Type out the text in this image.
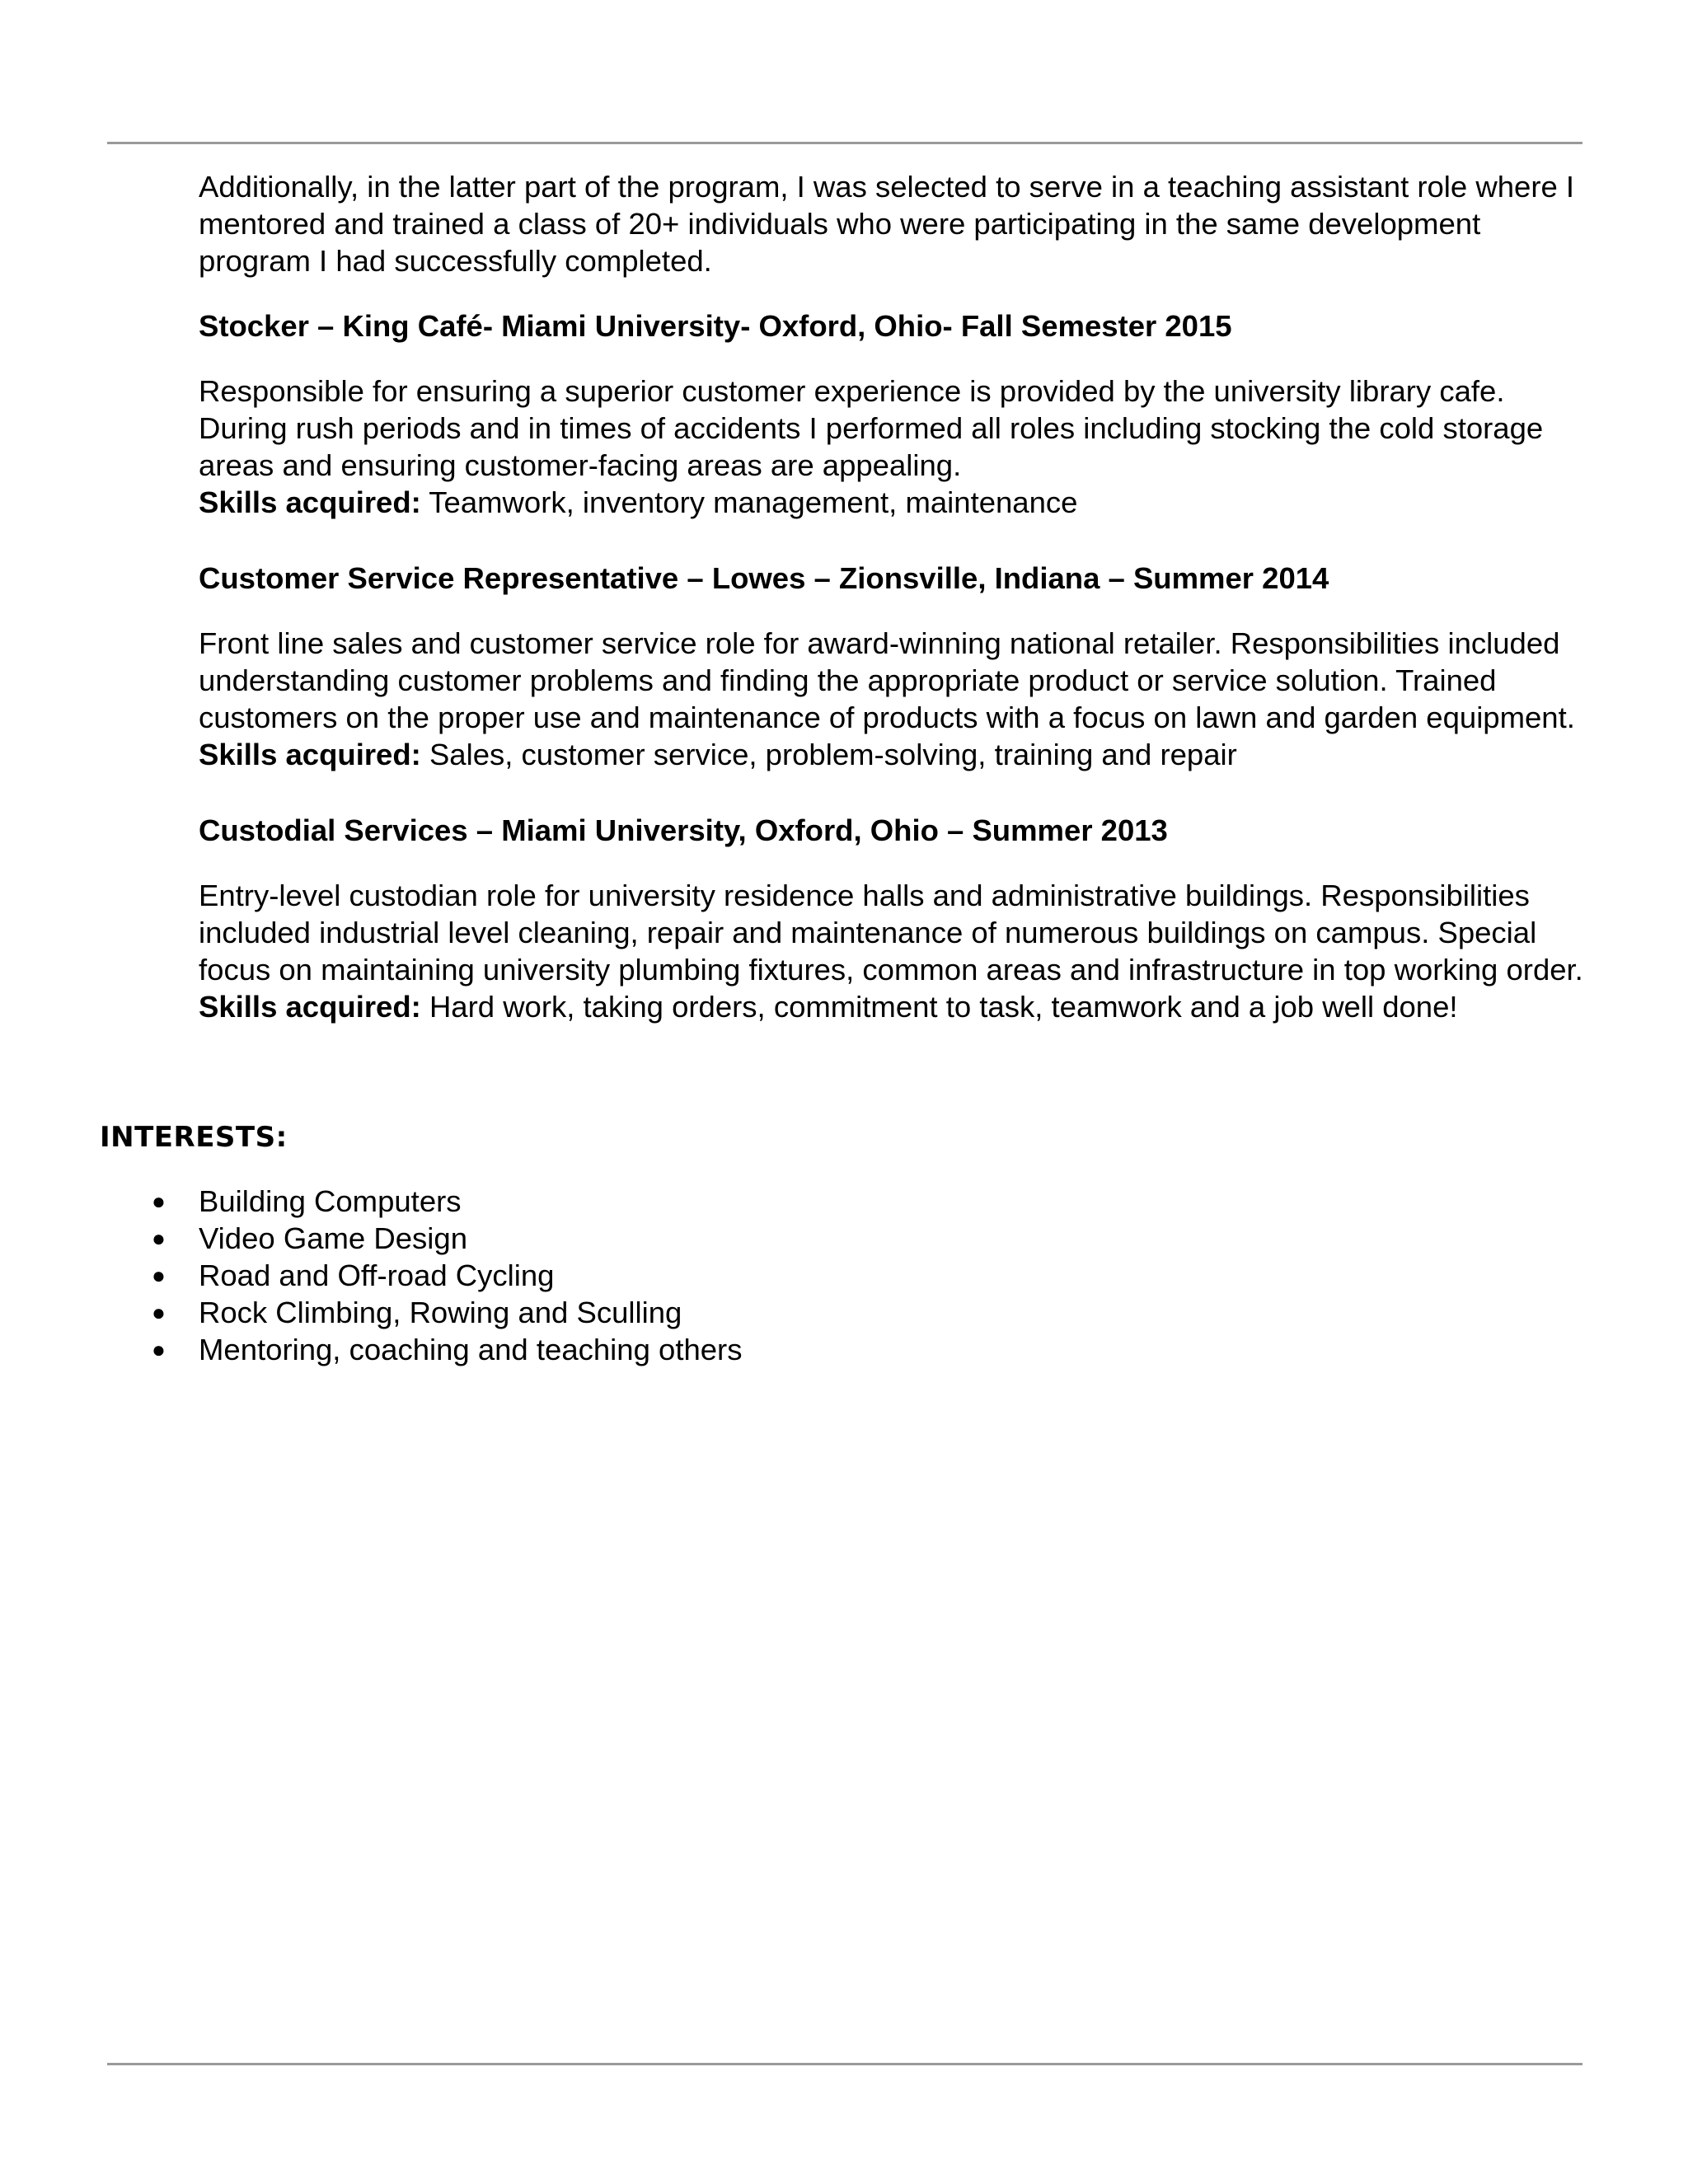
Additionally, in the latter part of the program, I was selected to serve in a teaching assistant role where I mentored and trained a class of 20+ individuals who were participating in the same development program I had successfully completed.

Stocker – King Café- Miami University- Oxford, Ohio- Fall Semester 2015

Responsible for ensuring a superior customer experience is provided by the university library cafe. During rush periods and in times of accidents I performed all roles including stocking the cold storage areas and ensuring customer-facing areas are appealing.

Skills acquired: Teamwork, inventory management, maintenance

Customer Service Representative – Lowes – Zionsville, Indiana – Summer 2014

Front line sales and customer service role for award-winning national retailer. Responsibilities included understanding customer problems and finding the appropriate product or service solution. Trained customers on the proper use and maintenance of products with a focus on lawn and garden equipment.

Skills acquired: Sales, customer service, problem-solving, training and repair

Custodial Services – Miami University, Oxford, Ohio – Summer 2013

Entry-level custodian role for university residence halls and administrative buildings. Responsibilities included industrial level cleaning, repair and maintenance of numerous buildings on campus. Special focus on maintaining university plumbing fixtures, common areas and infrastructure in top working order.

Skills acquired: Hard work, taking orders, commitment to task, teamwork and a job well done!

INTERESTS:
● Building Computers
● Video Game Design
● Road and Off-road Cycling
● Rock Climbing, Rowing and Sculling
● Mentoring, coaching and teaching others
